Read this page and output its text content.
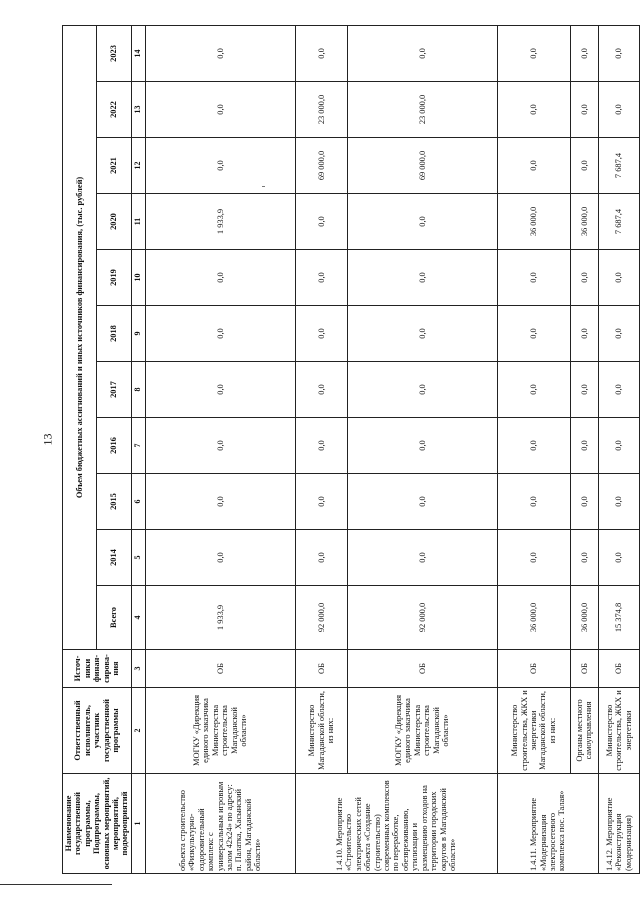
13
Наименование государственной программы, Подпрограммы, основных мероприятий, мероприятий, подмероприятий	Ответственный исполнитель, участник государственной программы	Источ-ники финан-сирова-ния	Объем бюджетных ассигнований и иных источников финансирования, (тыс. рублей)										
			Всего	2014	2015	2016	2017	2018	2019	2020	2021	2022	2023
1	2	3	4	5	6	7	8	9	10	11	12	13	14
объекта строительство «Физкультурно-оздоровительный комплекс с универсальным игровым залом 42х24» по адресу: п. Палатка, Хасынский район, Магаданской области»	МОГКУ «Дирекция единого заказчика Министерства строительства Магаданской области»	ОБ	1 933,9	0,0	0,0	0,0	0,0	0,0	0,0	1 933,9	0,0	0,0	0,0
1.4.10. Мероприятие «Строительство электрических сетей объекта «Создание (строительство) современных комплексов по переработке, обезвреживанию, утилизации и размещению отходов на территории городских округов в Магаданской области»	Министерство Магаданской области, из них:	ОБ	92 000,0	0,0	0,0	0,0	0,0	0,0	0,0	0,0	69 000,0	23 000,0	0,0
	МОГКУ «Дирекция единого заказчика Министерства строительства Магаданской области»	ОБ	92 000,0	0,0	0,0	0,0	0,0	0,0	0,0	0,0	69 000,0	23 000,0	0,0
1.4.11. Мероприятие «Модернизация электросетевого комплекса пос. Талая»	Министерство строительства, ЖКХ и энергетики Магаданской области, из них:	ОБ	36 000,0	0,0	0,0	0,0	0,0	0,0	0,0	36 000,0	0,0	0,0	0,0
	Органы местного самоуправления	ОБ	36 000,0	0,0	0,0	0,0	0,0	0,0	0,0	36 000,0	0,0	0,0	0,0
1.4.12. Мероприятие «Реконструкция (модернизация)	Министерство строительства, ЖКХ и энергетики	ОБ	15 374,8	0,0	0,0	0,0	0,0	0,0	0,0	7 687,4	7 687,4	0,0	0,0
